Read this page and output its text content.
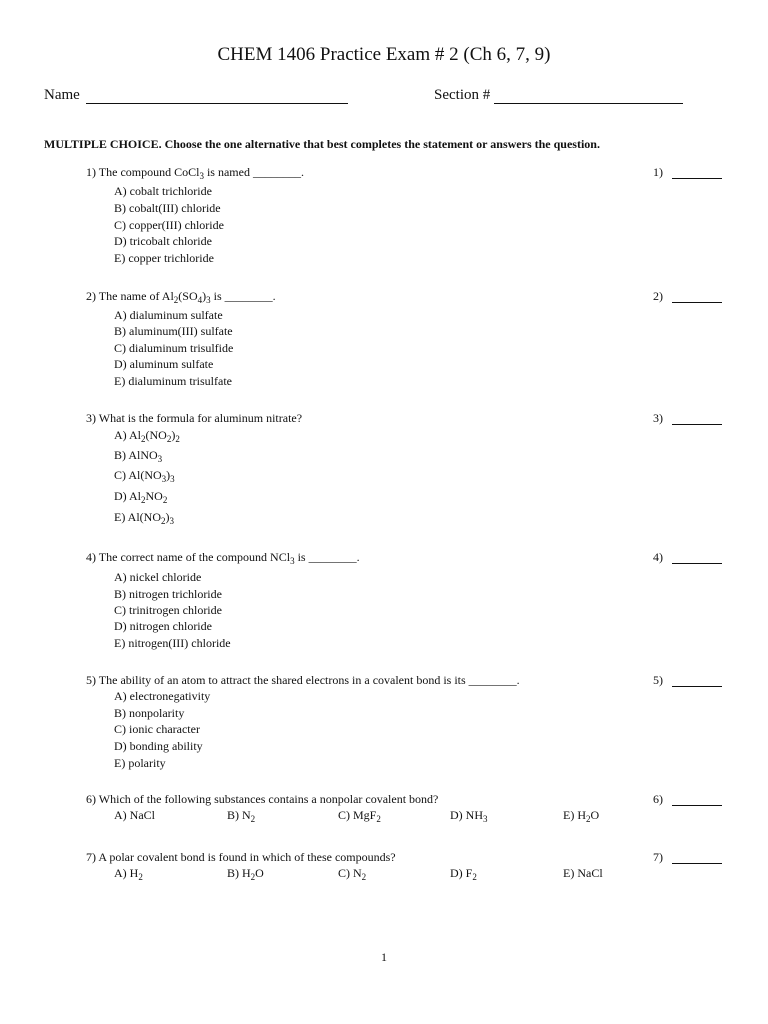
CHEM 1406 Practice Exam # 2 (Ch 6, 7, 9)
Name	Section #
MULTIPLE CHOICE. Choose the one alternative that best completes the statement or answers the question.
1) The compound CoCl$_3$ is named ________.	1)
A) cobalt trichloride
B) cobalt(III) chloride
C) copper(III) chloride
D) tricobalt chloride
E) copper trichloride
2) The name of $Al_2(SO_4)_3$ is ________.	2)
A) dialuminum sulfate
B) aluminum(III) sulfate
C) dialuminum trisulfide
D) aluminum sulfate
E) dialuminum trisulfate
3) What is the formula for aluminum nitrate?	3)
A) $Al_2(NO_2)_2$
B) AlNO$_3$
C) $Al(NO_3)_3$
D) $Al_2NO_2$
E) $Al(NO_2)_3$
4) The correct name of the compound NCl$_3$ is ________.	4)
A) nickel chloride
B) nitrogen trichloride
C) trinitrogen chloride
D) nitrogen chloride
E) nitrogen(III) chloride
5) The ability of an atom to attract the shared electrons in a covalent bond is its ________.	5)
A) electronegativity
B) nonpolarity
C) ionic character
D) bonding ability
E) polarity
6) Which of the following substances contains a nonpolar covalent bond?	6)
A) NaCl	B) $N_2$	C) MgF$_2$	D) $NH_3$	E) $H_2O$
7) A polar covalent bond is found in which of these compounds?	7)
A) $H_2$	B) $H_2O$	C) $N_2$	D) $F_2$	E) NaCl
1
